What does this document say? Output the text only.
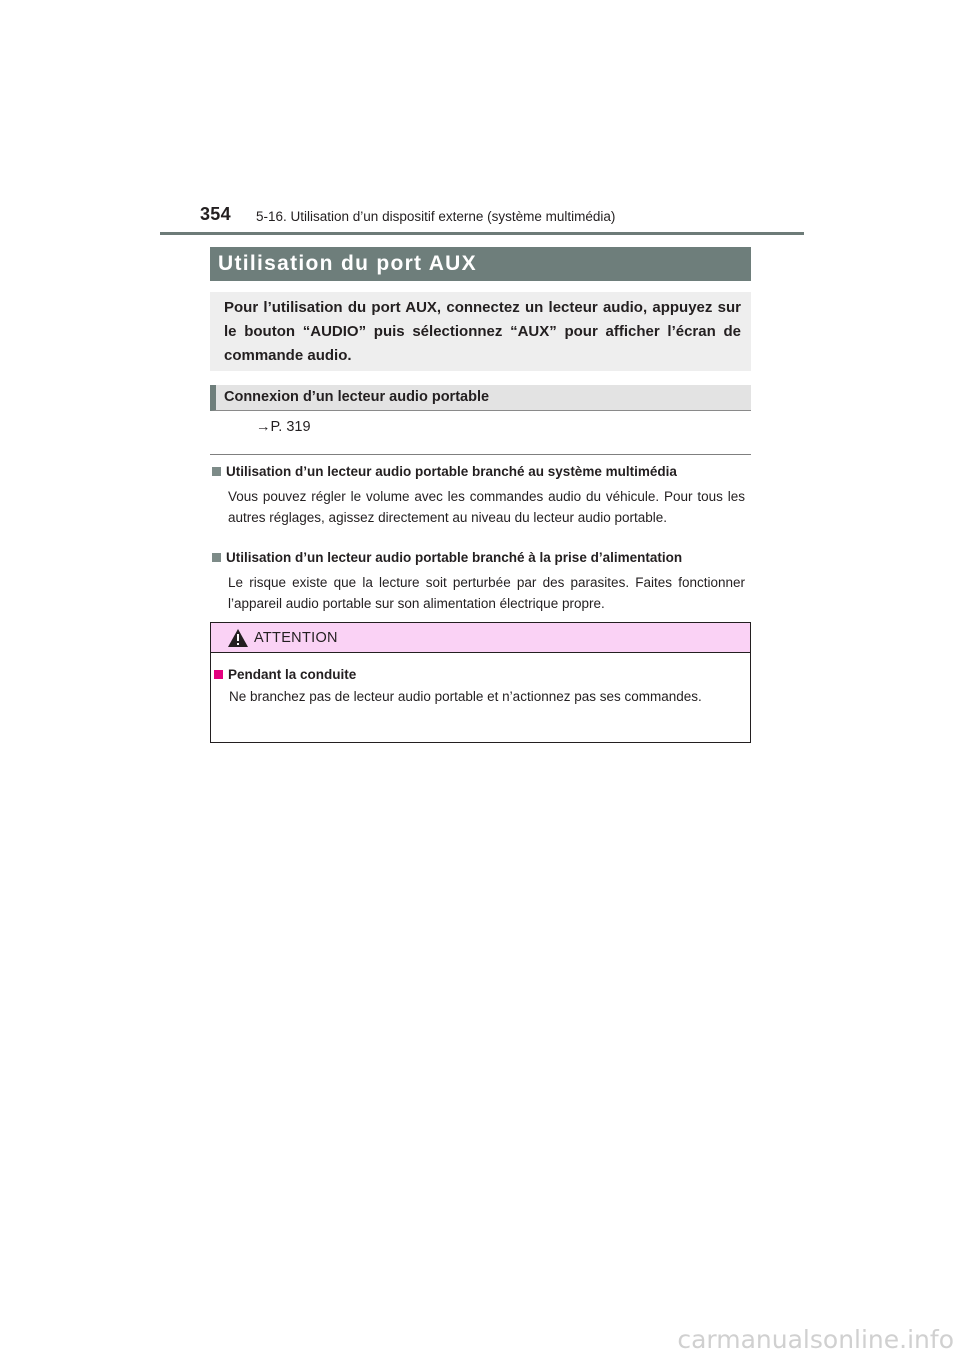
354 5-16. Utilisation d’un dispositif externe (système multimédia)
Utilisation du port AUX
Pour l’utilisation du port AUX, connectez un lecteur audio, appuyez sur le bouton “AUDIO” puis sélectionnez “AUX” pour afficher l’écran de commande audio.
Connexion d’un lecteur audio portable
→P. 319
Utilisation d’un lecteur audio portable branché au système multimédia
Vous pouvez régler le volume avec les commandes audio du véhicule. Pour tous les autres réglages, agissez directement au niveau du lecteur audio portable.
Utilisation d’un lecteur audio portable branché à la prise d’alimentation
Le risque existe que la lecture soit perturbée par des parasites. Faites fonctionner l’appareil audio portable sur son alimentation électrique propre.
ATTENTION
Pendant la conduite
Ne branchez pas de lecteur audio portable et n’actionnez pas ses commandes.
carmanualsonline.info
